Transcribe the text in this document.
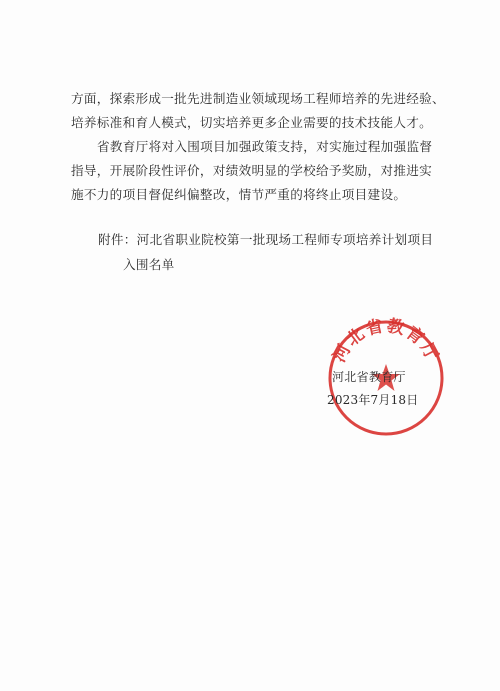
方面，探索形成一批先进制造业领域现场工程师培养的先进经验、
培养标准和育人模式，切实培养更多企业需要的技术技能人才。
省教育厅将对入围项目加强政策支持，对实施过程加强监督
指导，开展阶段性评价，对绩效明显的学校给予奖励，对推进实
施不力的项目督促纠偏整改，情节严重的将终止项目建设。
附件：河北省职业院校第一批现场工程师专项培养计划项目
入围名单
河北省教育厅
河北省教育厅
2023年7月18日
